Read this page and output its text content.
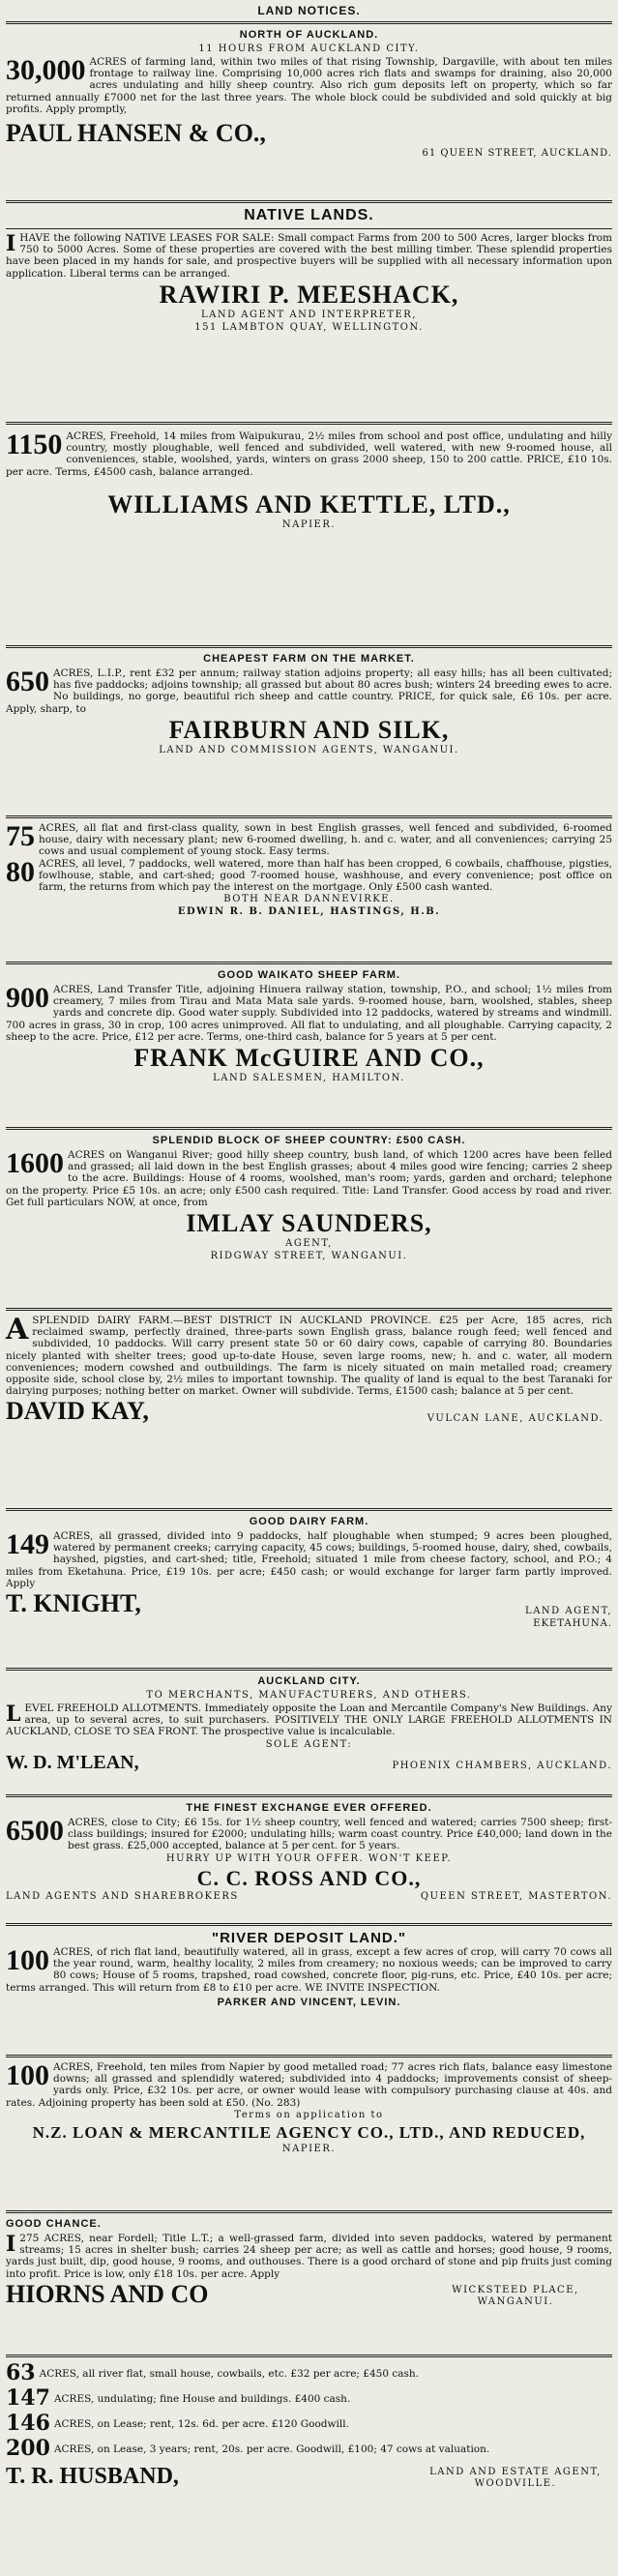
LAND NOTICES.
NORTH OF AUCKLAND.
11 HOURS FROM AUCKLAND CITY.

30,000 ACRES of farming land, within two miles of that rising Township, Dargaville, with about ten miles frontage to railway line. Comprising 10,000 acres rich flats and swamps for draining, also 20,000 acres undulating and hilly sheep country. Also rich gum deposits left on property, which so far returned annually £7000 net for the last three years. The whole block could be subdivided and sold quickly at big profits. Apply promptly,

PAUL HANSEN & CO.,
61 QUEEN STREET, AUCKLAND.
NATIVE LANDS.

IHAVE the following NATIVE LEASES FOR SALE: Small compact Farms from 200 to 500 Acres, larger blocks from 750 to 5000 Acres. Some of these properties are covered with the best milling timber. These splendid properties have been placed in my hands for sale, and prospective buyers will be supplied with all necessary information upon application. Liberal terms can be arranged.

RAWIRI P. MEESHACK,
LAND AGENT AND INTERPRETER,
151 LAMBTON QUAY, WELLINGTON.

1150 ACRES, Freehold, 14 miles from Waipukurau, 2½ miles from school and post office, undulating and hilly country, mostly ploughable, well fenced and subdivided, well watered, with new 9-roomed house, all conveniences, stable, woolshed, yards, winters on grass 2000 sheep, 150 to 200 cattle. PRICE, £10 10s. per acre. Terms, £4500 cash, balance arranged.

WILLIAMS AND KETTLE, LTD.,
NAPIER.
CHEAPEST FARM ON THE MARKET.

650 ACRES, L.I.P., rent £32 per annum; railway station adjoins property; all easy hills; has all been cultivated; has five paddocks; adjoins township; all grassed but about 80 acres bush; winters 24 breeding ewes to acre. No buildings, no gorge, beautiful rich sheep and cattle country. PRICE, for quick sale, £6 10s. per acre. Apply, sharp, to

FAIRBURN AND SILK,
LAND AND COMMISSION AGENTS, WANGANUI.

75 ACRES, all flat and first-class quality, sown in best English grasses, well fenced and subdivided, 6-roomed house, dairy with necessary plant; new 6-roomed dwelling, h. and c. water, and all conveniences; carrying 25 cows and usual complement of young stock. Easy terms.

80 ACRES, all level, 7 paddocks, well watered, more than half has been cropped, 6 cowbails, chaffhouse, pigsties, fowlhouse, stable, and cart-shed; good 7-roomed house, washhouse, and every convenience; post office on farm, the returns from which pay the interest on the mortgage. Only £500 cash wanted.

BOTH NEAR DANNEVIRKE.
EDWIN R. B. DANIEL, HASTINGS, H.B.
GOOD WAIKATO SHEEP FARM.

900 ACRES, Land Transfer Title, adjoining Hinuera railway station, township, P.O., and school; 1½ miles from creamery, 7 miles from Tirau and Mata Mata sale yards. 9-roomed house, barn, woolshed, stables, sheep yards and concrete dip. Good water supply. Subdivided into 12 paddocks, watered by streams and windmill. 700 acres in grass, 30 in crop, 100 acres unimproved. All flat to undulating, and all ploughable. Carrying capacity, 2 sheep to the acre. Price, £12 per acre. Terms, one-third cash, balance for 5 years at 5 per cent.

FRANK McGUIRE AND CO.,
LAND SALESMEN, HAMILTON.
SPLENDID BLOCK OF SHEEP COUNTRY: £500 CASH.

1600 ACRES on Wanganui River; good hilly sheep country, bush land, of which 1200 acres have been felled and grassed; all laid down in the best English grasses; about 4 miles good wire fencing; carries 2 sheep to the acre. Buildings: House of 4 rooms, woolshed, man's room; yards, garden and orchard; telephone on the property. Price £5 10s. an acre; only £500 cash required. Title: Land Transfer. Good access by road and river. Get full particulars NOW, at once, from

IMLAY SAUNDERS,
AGENT,
RIDGWAY STREET, WANGANUI.

ASPLENDID DAIRY FARM.—BEST DISTRICT IN AUCKLAND PROVINCE. £25 per Acre, 185 acres, rich reclaimed swamp, perfectly drained, three-parts sown English grass, balance rough feed; well fenced and subdivided, 10 paddocks. Will carry present state 50 or 60 dairy cows, capable of carrying 80. Boundaries nicely planted with shelter trees; good up-to-date House, seven large rooms, new; h. and c. water, all modern conveniences; modern cowshed and outbuildings. The farm is nicely situated on main metalled road; creamery opposite side, school close by, 2½ miles to important township. The quality of land is equal to the best Taranaki for dairying purposes; nothing better on market. Owner will subdivide. Terms, £1500 cash; balance at 5 per cent.

DAVID KAY,	VULCAN LANE, AUCKLAND.
GOOD DAIRY FARM.

149 ACRES, all grassed, divided into 9 paddocks, half ploughable when stumped; 9 acres been ploughed, watered by permanent creeks; carrying capacity, 45 cows; buildings, 5-roomed house, dairy, shed, cowbails, hayshed, pigsties, and cart-shed; title, Freehold; situated 1 mile from cheese factory, school, and P.O.; 4 miles from Eketahuna. Price, £19 10s. per acre; £450 cash; or would exchange for larger farm partly improved. Apply

T. KNIGHT,	LAND AGENT,
EKETAHUNA.
AUCKLAND CITY.
TO MERCHANTS, MANUFACTURERS, AND OTHERS.

LEVEL FREEHOLD ALLOTMENTS. Immediately opposite the Loan and Mercantile Company's New Buildings. Any area, up to several acres, to suit purchasers. POSITIVELY THE ONLY LARGE FREEHOLD ALLOTMENTS IN AUCKLAND, CLOSE TO SEA FRONT. The prospective value is incalculable.

SOLE AGENT:
W. D. M'LEAN,	PHOENIX CHAMBERS, AUCKLAND.
THE FINEST EXCHANGE EVER OFFERED.

6500 ACRES, close to City; £6 15s. for 1½ sheep country, well fenced and watered; carries 7500 sheep; first-class buildings; insured for £2000; undulating hills; warm coast country. Price £40,000; land down in the best grass. £25,000 accepted, balance at 5 per cent. for 5 years.

HURRY UP WITH YOUR OFFER. WON'T KEEP.
C. C. ROSS AND CO.,
LAND AGENTS AND SHAREBROKERS	QUEEN STREET, MASTERTON.
"RIVER DEPOSIT LAND."

100 ACRES, of rich flat land, beautifully watered, all in grass, except a few acres of crop, will carry 70 cows all the year round, warm, healthy locality, 2 miles from creamery; no noxious weeds; can be improved to carry 80 cows; House of 5 rooms, trapshed, road cowshed, concrete floor, pig-runs, etc. Price, £40 10s. per acre; terms arranged. This will return from £8 to £10 per acre. WE INVITE INSPECTION.

PARKER AND VINCENT, LEVIN.

100 ACRES, Freehold, ten miles from Napier by good metalled road; 77 acres rich flats, balance easy limestone downs; all grassed and splendidly watered; subdivided into 4 paddocks; improvements consist of sheep-yards only. Price, £32 10s. per acre, or owner would lease with compulsory purchasing clause at 40s. and rates. Adjoining property has been sold at £50. (No. 283)

Terms on application to
N.Z. LOAN & MERCANTILE AGENCY CO., LTD., AND REDUCED,
NAPIER.
GOOD CHANCE.

I 275 ACRES, near Fordell; Title L.T.; a well-grassed farm, divided into seven paddocks, watered by permanent streams; 15 acres in shelter bush; carries 24 sheep per acre; as well as cattle and horses; good house, 9 rooms, yards just built, dip, good house, 9 rooms, and outhouses. There is a good orchard of stone and pip fruits just coming into profit. Price is low, only £18 10s. per acre. Apply

HIORNS AND CO	WICKSTEED PLACE, WANGANUI.

63 ACRES, all river flat, small house, cowbails, etc. £32 per acre; £450 cash.

147 ACRES, undulating; fine House and buildings. £400 cash.

146 ACRES, on Lease; rent, 12s. 6d. per acre. £120 Goodwill.

200 ACRES, on Lease, 3 years; rent, 20s. per acre. Goodwill, £100; 47 cows at valuation.

T. R. HUSBAND,	LAND AND ESTATE AGENT, WOODVILLE.
